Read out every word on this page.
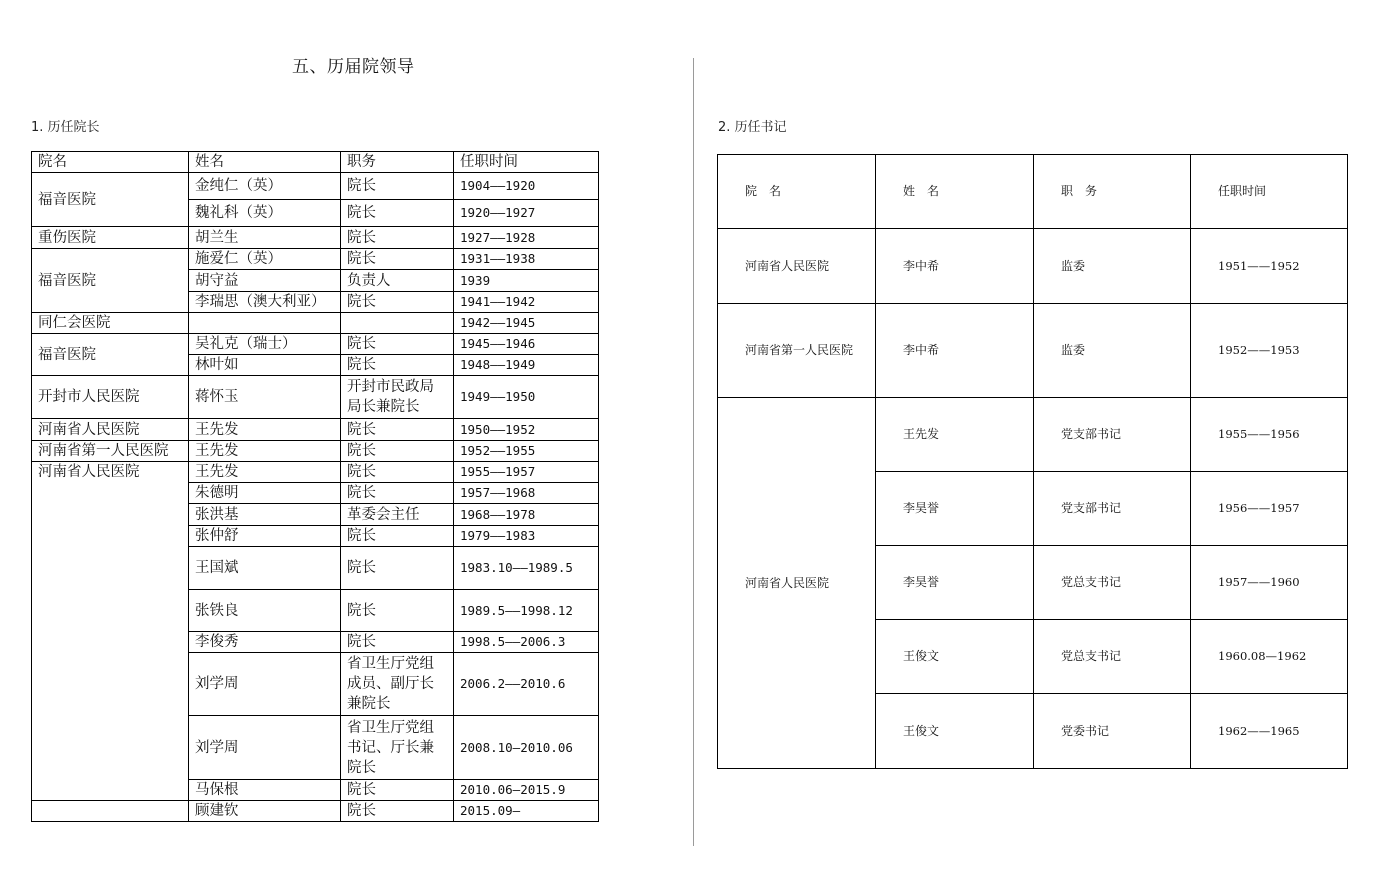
五、历届院领导
1. 历任院长	2. 历任书记
院名	姓名	职务	任职时间
福音医院	金纯仁（英）	院长	1904——1920
	魏礼科（英）	院长	1920——1927
重伤医院	胡兰生	院长	1927——1928
福音医院	施爱仁（英）	院长	1931——1938
	胡守益	负责人	1939
	李瑞思（澳大利亚）	院长	1941——1942
同仁会医院			1942——1945
福音医院	吴礼克（瑞士）	院长	1945——1946
	林叶如	院长	1948——1949
开封市人民医院	蒋怀玉	开封市民政局局长兼院长	1949——1950
河南省人民医院	王先发	院长	1950——1952
河南省第一人民医院	王先发	院长	1952——1955
河南省人民医院	王先发	院长	1955——1957
	朱德明	院长	1957——1968
	张洪基	革委会主任	1968——1978
	张仲舒	院长	1979——1983
	王国斌	院长	1983.10——1989.5
	张铁良	院长	1989.5——1998.12
	李俊秀	院长	1998.5——2006.3
	刘学周	省卫生厅党组成员、副厅长兼院长	2006.2——2010.6
	刘学周	省卫生厅党组书记、厅长兼院长	2008.10—2010.06
	马保根	院长	2010.06—2015.9
	顾建钦	院长	2015.09—
院　名	姓　名	职　务	任职时间
河南省人民医院	李中希	监委	1951——1952
河南省第一人民医院	李中希	监委	1952——1953
河南省人民医院	王先发	党支部书记	1955——1956
	李昊誉	党支部书记	1956——1957
	李昊誉	党总支书记	1957——1960
	王俊文	党总支书记	1960.08—1962
	王俊文	党委书记	1962——1965
